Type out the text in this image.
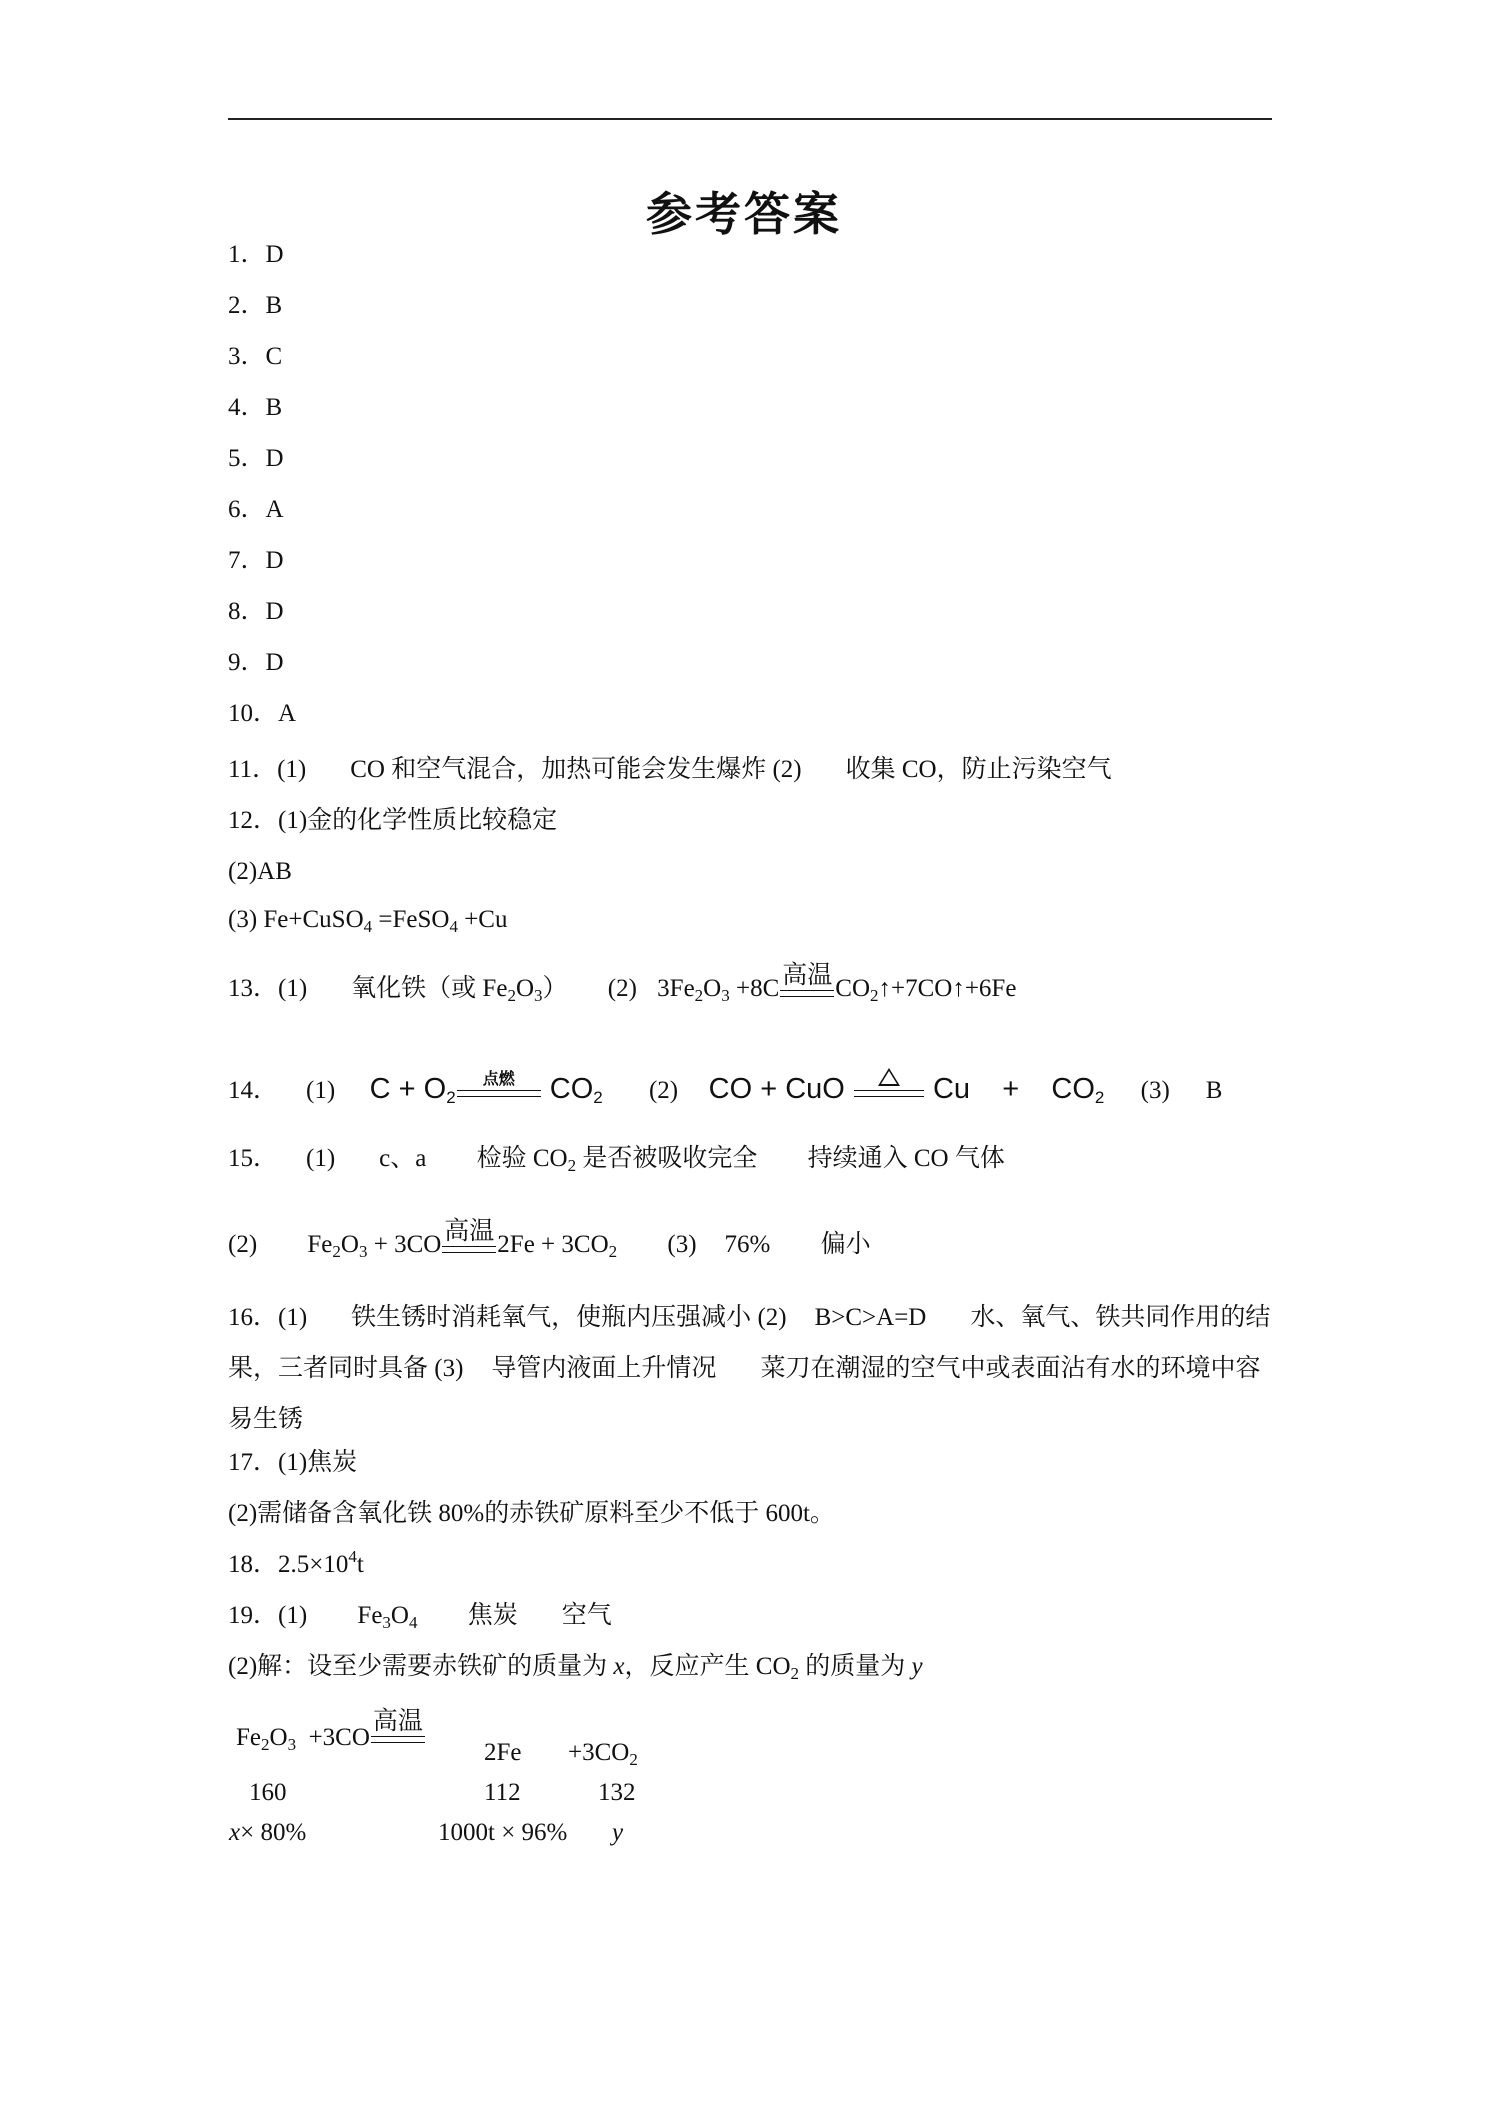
参考答案
1．D
2．B
3．C
4．B
5．D
6．A
7．D
8．D
9．D
10．A
11．(1) CO 和空气混合，加热可能会发生爆炸 (2) 收集 CO，防止污染空气
12．(1)金的化学性质比较稳定
(2)AB
(3) Fe+CuSO$_4$ =FeSO$_4$ +Cu
13．(1) 氧化铁（或 $Fe_2O_3$） (2) $3Fe_2O_3 +8C$ 高温 $CO_2↑+7CO↑+6Fe$
14． (1) $C + O_2$
点燃 $CO_2$ (2) CO + CuO
Cu    +    $CO_2$ (3) B
15． (1) c、a 检验 $CO_2$ 是否被吸收完全 持续通入 CO 气体
(2) $Fe_2O_3 + 3CO$ 高温 $2Fe + 3CO_2$ (3) 76% 偏小
16．(1) 铁生锈时消耗氧气，使瓶内压强减小 (2) B>C>A=D 水、氧气、铁共同作用的结果，三者同时具备 (3) 导管内液面上升情况 菜刀在潮湿的空气中或表面沾有水的环境中容易生锈
17．(1)焦炭
(2)需储备含氧化铁 80%的赤铁矿原料至少不低于 600t。
18．$2.5\times 10^4t$
19．(1) $Fe_3O_4$ 焦炭 空气
(2)解：设至少需要赤铁矿的质量为 x，反应产生 $CO_2$ 的质量为 y
$Fe_2O_3 +3CO$
高温
$2Fe +3CO_2$
160	112	132
x× 80%	1000t × 96% y
